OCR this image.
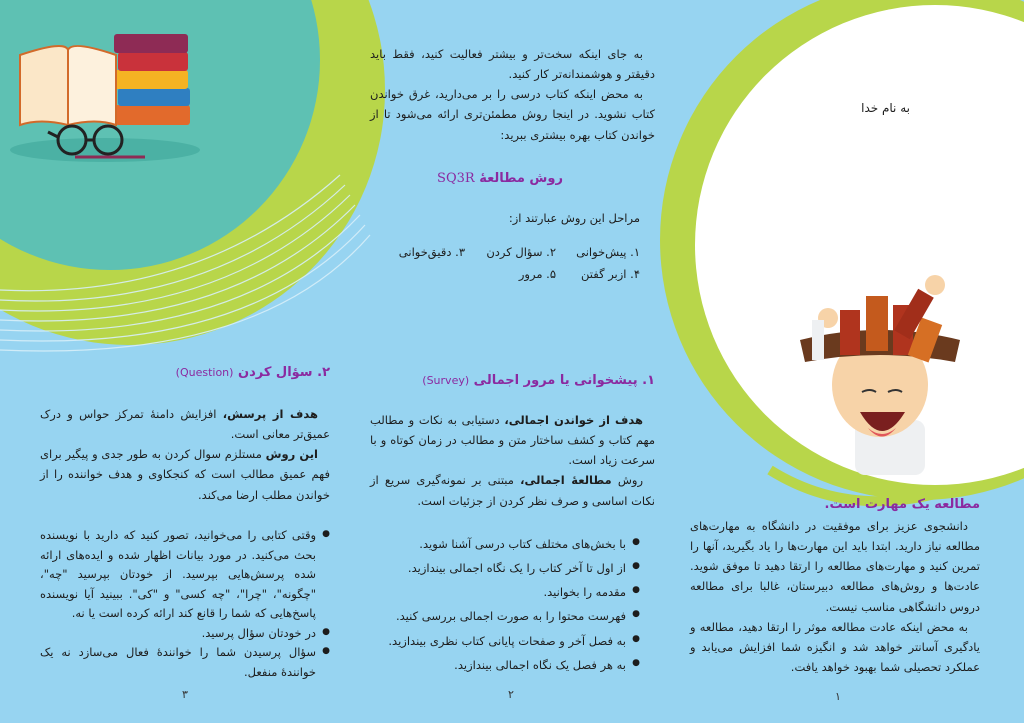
به نام خدا
مطالعه یک مهارت است.

دانشجوی عزیز برای موفقیت در دانشگاه به مهارت‌های مطالعه نیاز دارید. ابتدا باید این مهارت‌ها را یاد بگیرید، آنها را تمرین کنید و مهارت‌های مطالعه را ارتقا دهید تا موفق شوید. عادت‌ها و روش‌های مطالعه دبیرستان، غالبا برای مطالعه دروس دانشگاهی مناسب نیست.

به محض اینکه عادت مطالعه موثر را ارتقا دهید، مطالعه و یادگیری آسانتر خواهد شد و انگیزه شما افزایش می‌یابد و عملکرد تحصیلی شما بهبود خواهد یافت.

۱

به جای اینکه سخت‌تر و بیشتر فعالیت کنید، فقط باید دقیقتر و هوشمندانه‌تر کار کنید.

به محض اینکه کتاب درسی را بر می‌دارید، غرق خواندن کتاب نشوید. در اینجا روش مطمئن‌تری ارائه می‌شود تا از خواندن کتاب بهره بیشتری ببرید:

روش مطالعهٔ SQ3R
مراحل این روش عبارتند از:
۱. پیش‌خوانی
۲. سؤال کردن
۳. دقیق‌خوانی
۴. ازبر گفتن
۵. مرور
۱. پیشخوانی یا مرور اجمالی (Survey)

هدف از خواندن اجمالی، دستیابی به نکات و مطالب مهم کتاب و کشف ساختار متن و مطالب در زمان کوتاه و با سرعت زیاد است.

روش مطالعهٔ اجمالی، مبتنی بر نمونه‌گیری سریع از نکات اساسی و صرف نظر کردن از جزئیات است.

● با بخش‌های مختلف کتاب درسی آشنا شوید.
● از اول تا آخر کتاب را یک نگاه اجمالی بیندازید.
● مقدمه را بخوانید.
● فهرست محتوا را به صورت اجمالی بررسی کنید.
● به فصل آخر و صفحات پایانی کتاب نظری بیندازید.
● به هر فصل یک نگاه اجمالی بیندازید.
۲
۲. سؤال کردن (Question)

هدف از پرسش، افزایش دامنهٔ تمرکز حواس و درک عمیق‌تر معانی است.

این روش مستلزم سوال کردن به طور جدی و پیگیر برای فهم عمیق مطالب است که کنجکاوی و هدف خواننده را از خواندن مطلب ارضا می‌کند.

● وقتی کتابی را می‌خوانید، تصور کنید که دارید با نویسنده بحث می‌کنید. در مورد بیانات اظهار شده و ایده‌های ارائه شده پرسش‌هایی بپرسید. از خودتان بپرسید "چه"، "چگونه"، "چرا"، "چه کسی" و "کی". ببینید آیا نویسنده پاسخ‌هایی که شما را قانع کند ارائه کرده است یا نه.
● در خودتان سؤال پرسید.
● سؤال پرسیدن شما را خوانندهٔ فعال می‌سازد نه یک خوانندهٔ منفعل.
۳
